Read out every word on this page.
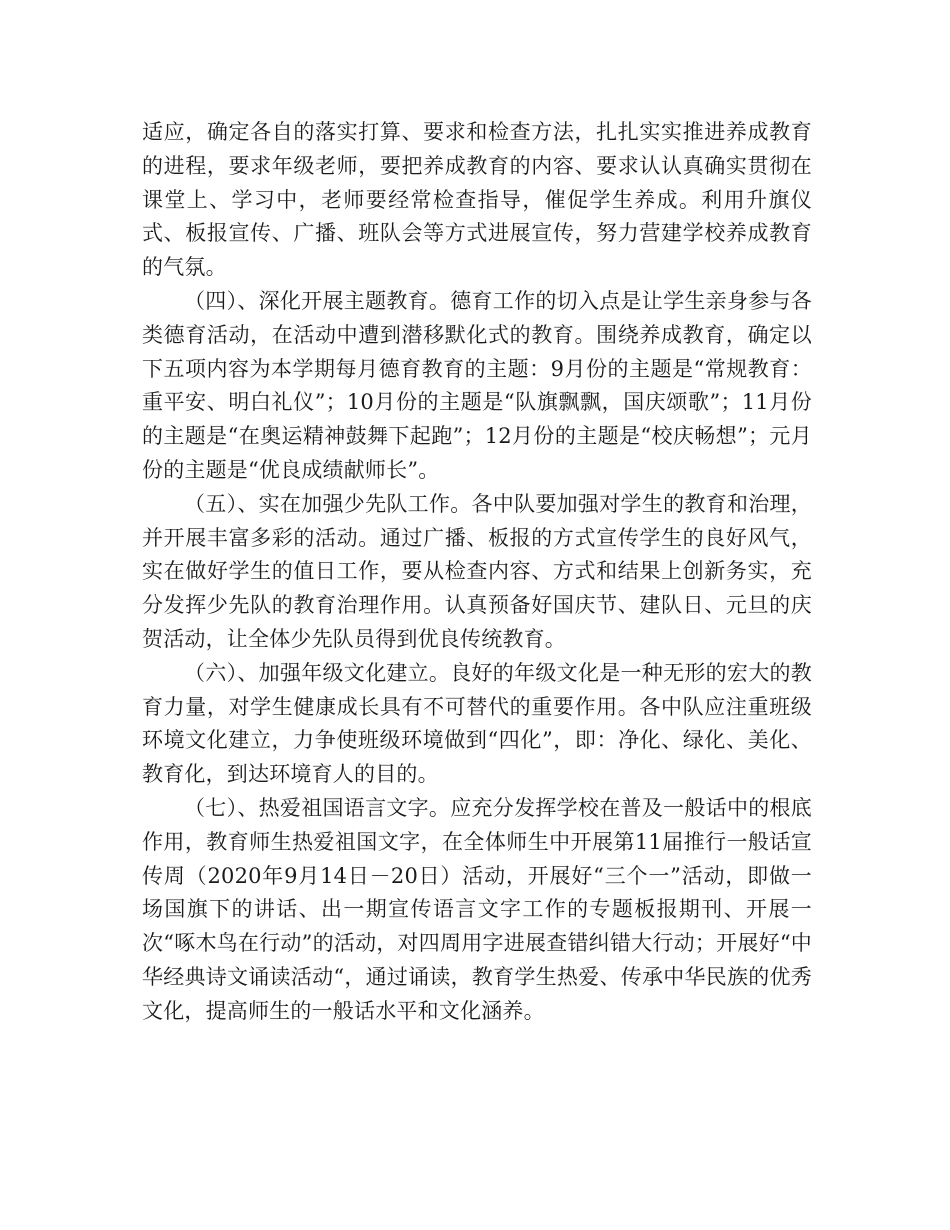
适应，确定各自的落实打算、要求和检查方法，扎扎实实推进养成教育的进程，要求年级老师，要把养成教育的内容、要求认认真确实贯彻在课堂上、学习中，老师要经常检查指导，催促学生养成。利用升旗仪式、板报宣传、广播、班队会等方式进展宣传，努力营建学校养成教育的气氛。

（四）、深化开展主题教育。德育工作的切入点是让学生亲身参与各类德育活动，在活动中遭到潜移默化式的教育。围绕养成教育，确定以下五项内容为本学期每月德育教育的主题：9月份的主题是“常规教育：重平安、明白礼仪”；10月份的主题是“队旗飘飘，国庆颂歌”；11月份的主题是“在奥运精神鼓舞下起跑”；12月份的主题是“校庆畅想”；元月份的主题是“优良成绩献师长”。

（五）、实在加强少先队工作。各中队要加强对学生的教育和治理，并开展丰富多彩的活动。通过广播、板报的方式宣传学生的良好风气，实在做好学生的值日工作，要从检查内容、方式和结果上创新务实，充分发挥少先队的教育治理作用。认真预备好国庆节、建队日、元旦的庆贺活动，让全体少先队员得到优良传统教育。

（六）、加强年级文化建立。良好的年级文化是一种无形的宏大的教育力量，对学生健康成长具有不可替代的重要作用。各中队应注重班级环境文化建立，力争使班级环境做到“四化”，即：净化、绿化、美化、教育化，到达环境育人的目的。

（七）、热爱祖国语言文字。应充分发挥学校在普及一般话中的根底作用，教育师生热爱祖国文字，在全体师生中开展第11届推行一般话宣传周（2020年9月14日－20日）活动，开展好“三个一”活动，即做一场国旗下的讲话、出一期宣传语言文字工作的专题板报期刊、开展一次“啄木鸟在行动”的活动，对四周用字进展查错纠错大行动；开展好“中华经典诗文诵读活动“，通过诵读，教育学生热爱、传承中华民族的优秀文化，提高师生的一般话水平和文化涵养。
